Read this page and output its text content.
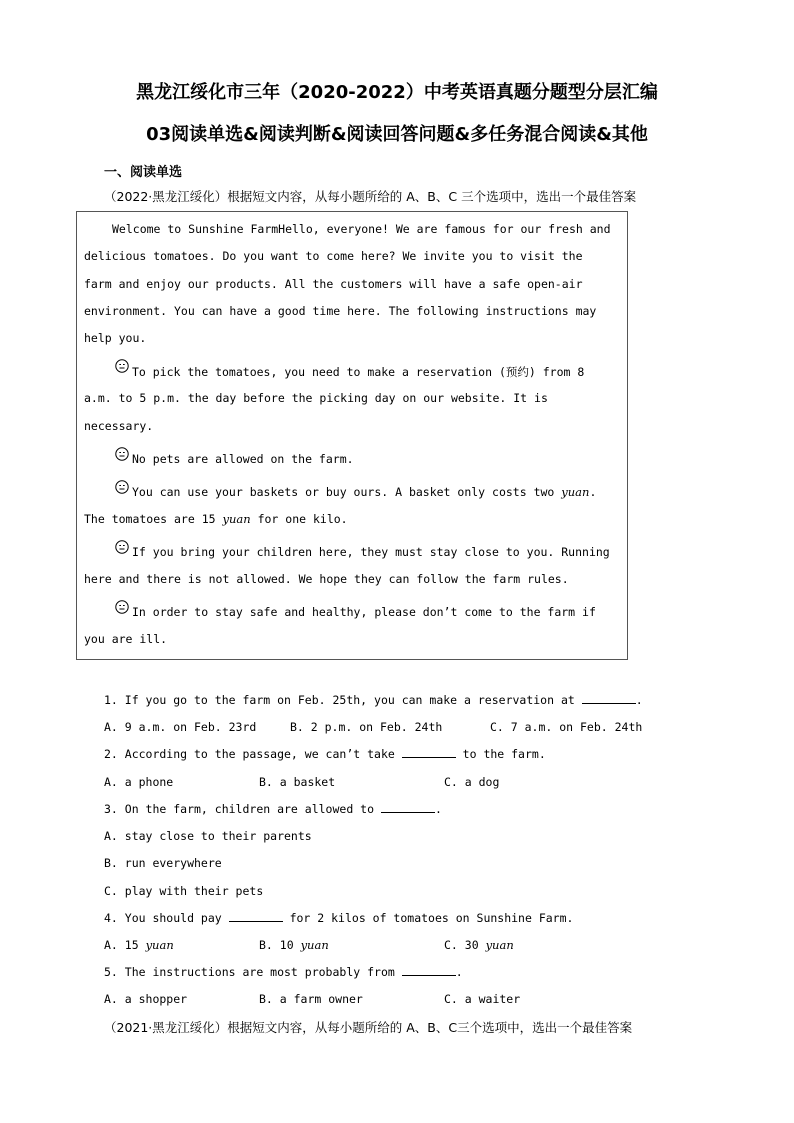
黑龙江绥化市三年（2020-2022）中考英语真题分题型分层汇编
03阅读单选&阅读判断&阅读回答问题&多任务混合阅读&其他
一、阅读单选
（2022·黑龙江绥化）根据短文内容，从每小题所给的 A、B、C 三个选项中，选出一个最佳答案
Welcome to Sunshine FarmHello, everyone! We are famous for our fresh and
delicious tomatoes. Do you want to come here? We invite you to visit the
farm and enjoy our products. All the customers will have a safe open-air
environment. You can have a good time here. The following instructions may
help you.
To pick the tomatoes, you need to make a reservation (预约) from 8
a.m. to 5 p.m. the day before the picking day on our website. It is
necessary.
No pets are allowed on the farm.
You can use your baskets or buy ours. A basket only costs two yuan.
The tomatoes are 15 yuan for one kilo.
If you bring your children here, they must stay close to you. Running
here and there is not allowed. We hope they can follow the farm rules.
In order to stay safe and healthy, please don’t come to the farm if
you are ill.
1. If you go to the farm on Feb. 25th, you can make a reservation at	.
A. 9 a.m. on Feb. 23rd	B. 2 p.m. on Feb. 24th	C. 7 a.m. on Feb. 24th
2. According to the passage, we can’t take	to the farm.
A. a phone	B. a basket	C. a dog
3. On the farm, children are allowed to	.
A. stay close to their parents
B. run everywhere
C. play with their pets
4. You should pay	for 2 kilos of tomatoes on Sunshine Farm.
A. 15 yuan	B. 10 yuan	C. 30 yuan
5. The instructions are most probably from	.
A. a shopper	B. a farm owner	C. a waiter
（2021·黑龙江绥化）根据短文内容，从每小题所给的 A、B、C三个选项中，选出一个最佳答案
